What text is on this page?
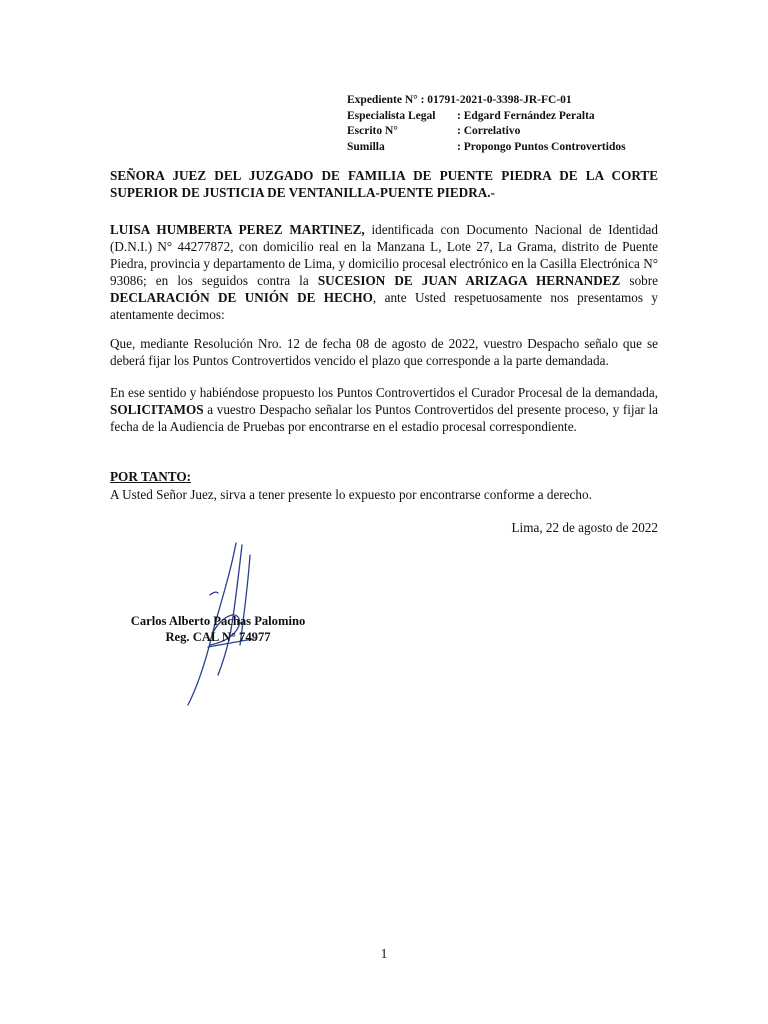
Expediente N° : 01791-2021-0-3398-JR-FC-01
Especialista Legal	: Edgard Fernández Peralta
Escrito N°	: Correlativo
Sumilla	: Propongo Puntos Controvertidos
SEÑORA JUEZ DEL JUZGADO DE FAMILIA DE PUENTE PIEDRA DE LA CORTE SUPERIOR DE JUSTICIA DE VENTANILLA-PUENTE PIEDRA.-
LUISA HUMBERTA PEREZ MARTINEZ, identificada con Documento Nacional de Identidad (D.N.I.) N° 44277872, con domicilio real en la Manzana L, Lote 27, La Grama, distrito de Puente Piedra, provincia y departamento de Lima, y domicilio procesal electrónico en la Casilla Electrónica N° 93086; en los seguidos contra la SUCESION DE JUAN ARIZAGA HERNANDEZ sobre DECLARACIÓN DE UNIÓN DE HECHO, ante Usted respetuosamente nos presentamos y atentamente decimos:
Que, mediante Resolución Nro. 12 de fecha 08 de agosto de 2022, vuestro Despacho señalo que se deberá fijar los Puntos Controvertidos vencido el plazo que corresponde a la parte demandada.
En ese sentido y habiéndose propuesto los Puntos Controvertidos el Curador Procesal de la demandada, SOLICITAMOS a vuestro Despacho señalar los Puntos Controvertidos del presente proceso, y fijar la fecha de la Audiencia de Pruebas por encontrarse en el estadio procesal correspondiente.
POR TANTO:
A Usted Señor Juez, sirva a tener presente lo expuesto por encontrarse conforme a derecho.
Lima, 22 de agosto de 2022
Carlos Alberto Pachas Palomino
Reg. CAL N° 74977
1
